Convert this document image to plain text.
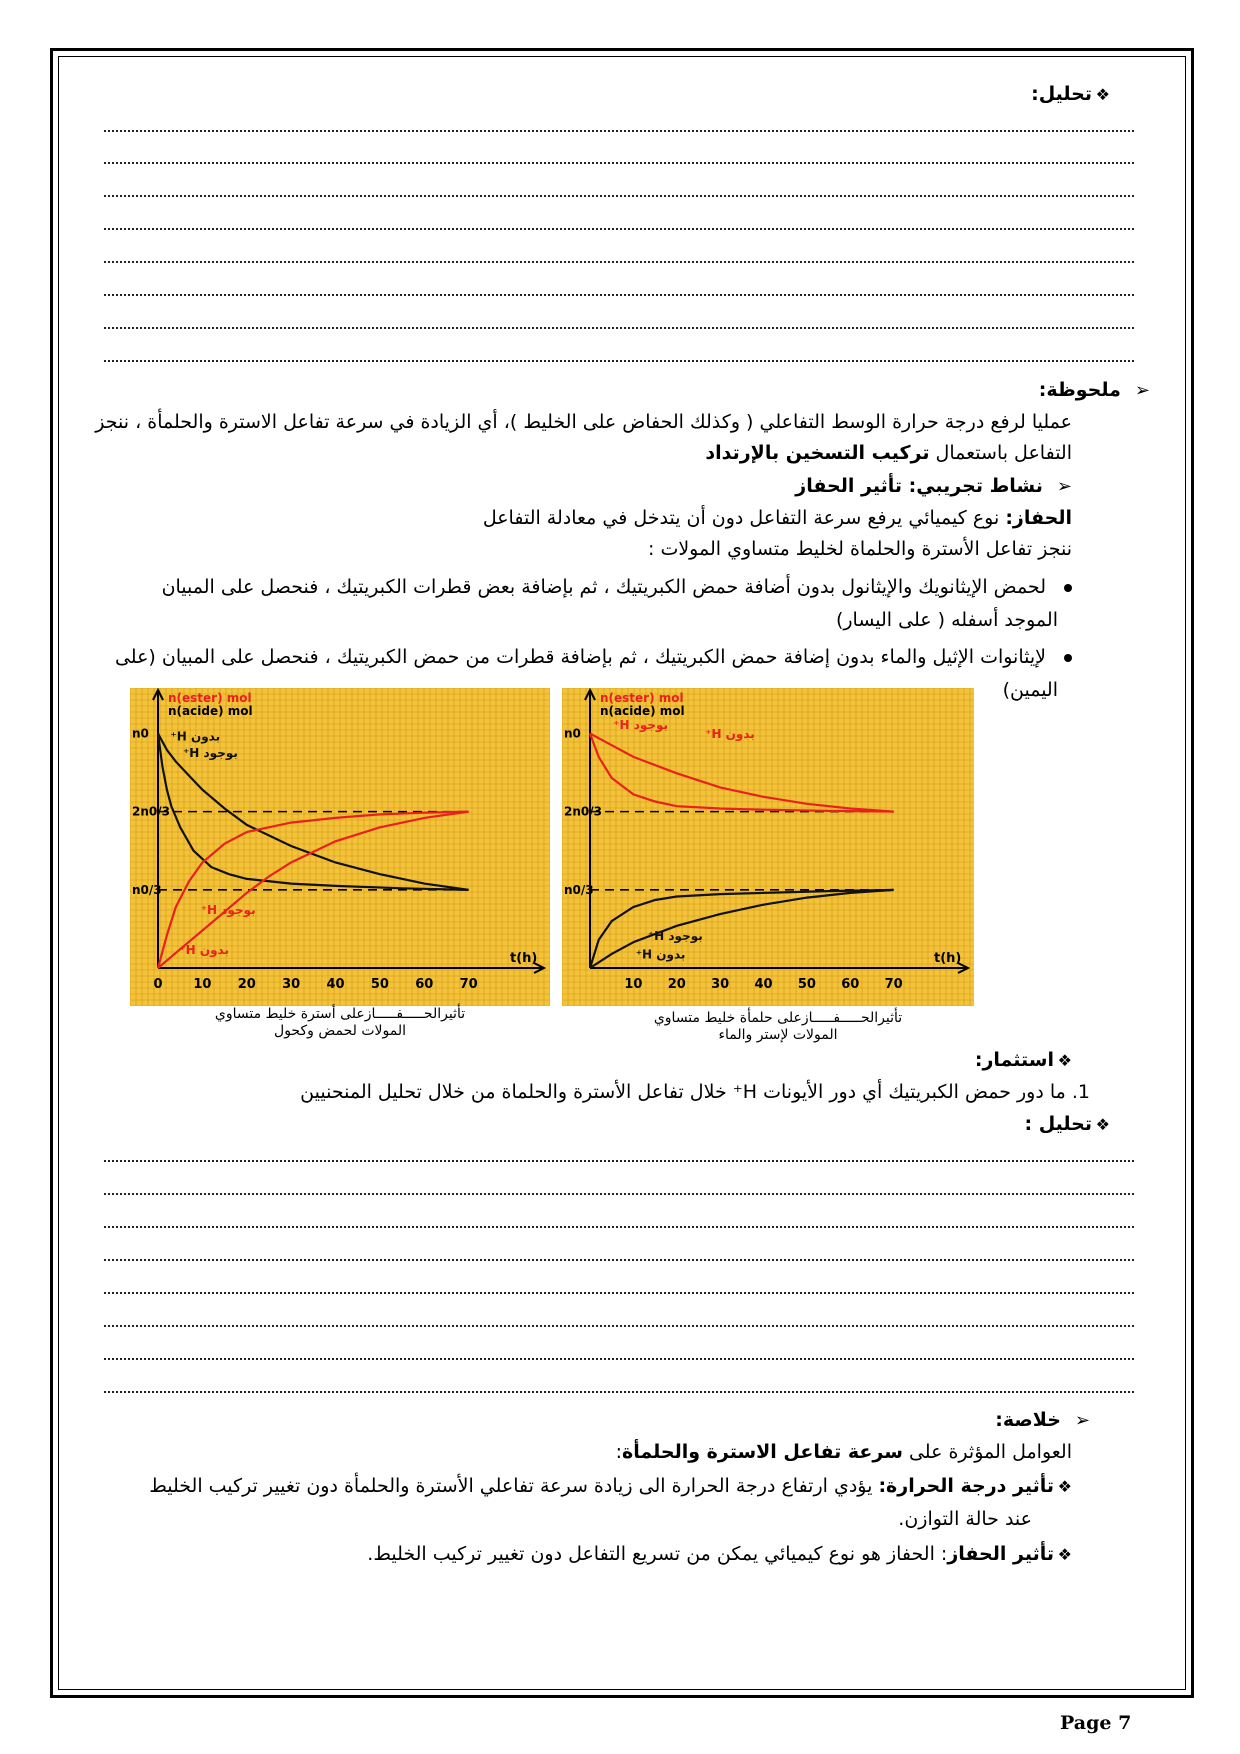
❖تحليل:
➢ملحوظة:
عمليا لرفع درجة حرارة الوسط التفاعلي ( وكذلك الحفاض على الخليط )، أي الزيادة في سرعة تفاعل الاسترة والحلمأة ، ننجز
التفاعل باستعمال تركيب التسخين بالإرتداد
➢نشاط تجريبي: تأثير الحفاز
الحفاز: نوع كيميائي يرفع سرعة التفاعل دون أن يتدخل في معادلة التفاعل
ننجز تفاعل الأسترة والحلماة لخليط متساوي المولات :
لحمض الإيثانويك والإيثانول بدون أضافة حمض الكبريتيك ، ثم بإضافة بعض قطرات الكبريتيك ، فنحصل على المبيان
الموجد أسفله ( على اليسار)
لإيثانوات الإثيل والماء بدون إضافة حمض الكبريتيك ، ثم بإضافة قطرات من حمض الكبريتيك ، فنحصل على المبيان (على
اليمين)
n0
2n0/3
n0/3
0 10 20 30 40 50 60 70
t(h)
n(ester) mol
n(acide) mol
بدون H⁺
بوجود H⁺
بوجود H⁺
بدون H⁺
n0
2n0/3
n0/3
10 20 30 40 50 60 70
t(h)
n(ester) mol
n(acide) mol
بوجود H⁺
بدون H⁺
بوجود H⁺
بدون H⁺
تأثيرالحـــــفـــــازعلى أسترة خليط متساوي
المولات لحمض وكحول
تأثيرالحـــــفـــــازعلى حلمأة خليط متساوي
المولات لإستر والماء
❖استثمار:
1. ما دور حمض الكبريتيك أي دور الأيونات H⁺ خلال تفاعل الأسترة والحلماة من خلال تحليل المنحنيين
❖تحليل :
➢خلاصة:
العوامل المؤثرة على سرعة تفاعل الاسترة والحلمأة:
❖تأثير درجة الحرارة: يؤدي ارتفاع درجة الحرارة الى زيادة سرعة تفاعلي الأسترة والحلمأة دون تغيير تركيب الخليط
عند حالة التوازن.
❖تأثير الحفاز: الحفاز هو نوع كيميائي يمكن من تسريع التفاعل دون تغيير تركيب الخليط.
Page 7
